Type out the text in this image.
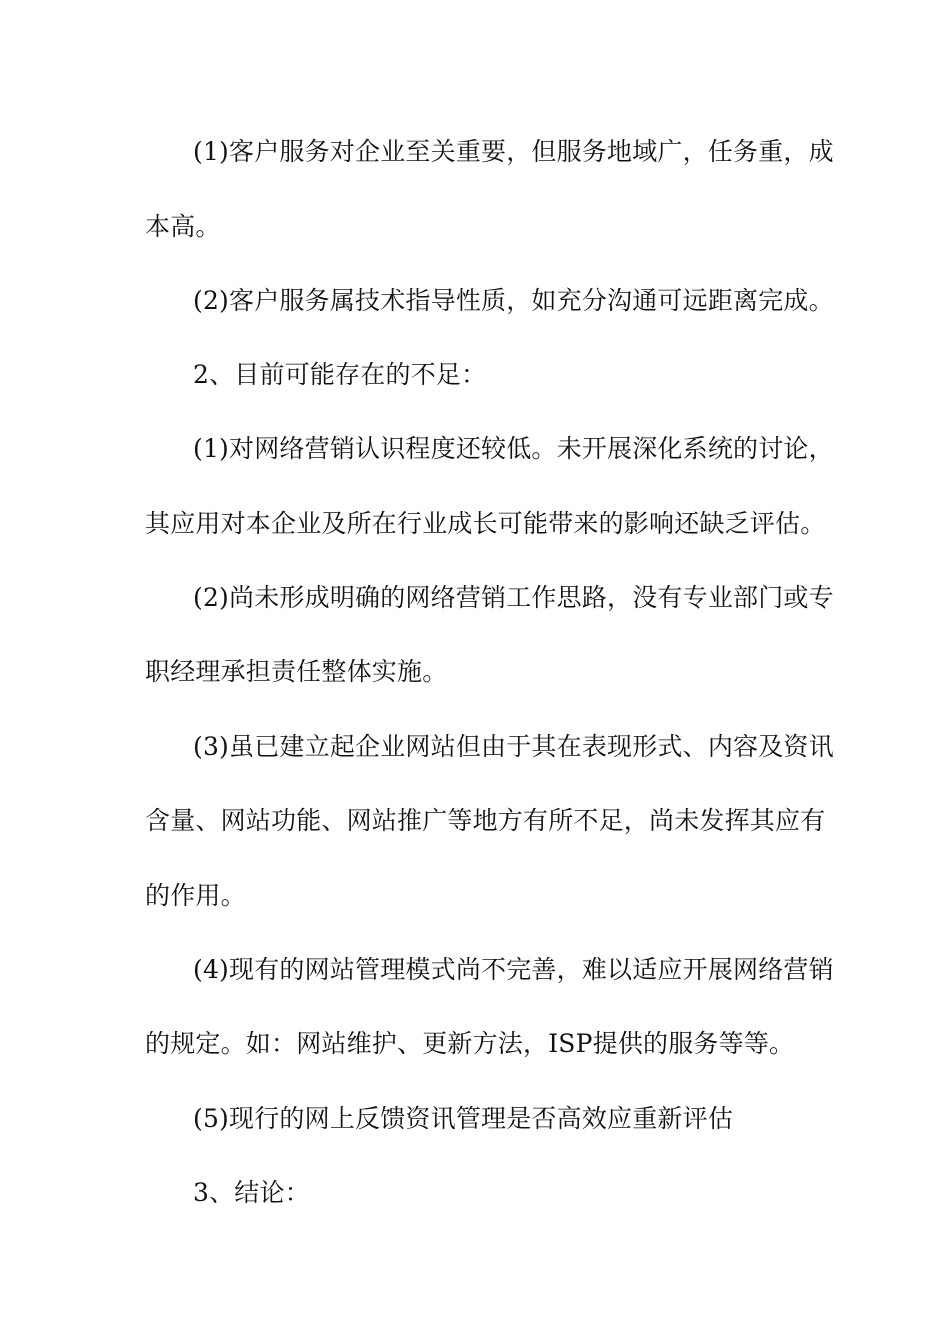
(1)客户服务对企业至关重要，但服务地域广，任务重，成
本高。
(2)客户服务属技术指导性质，如充分沟通可远距离完成。
2、目前可能存在的不足：
(1)对网络营销认识程度还较低。未开展深化系统的讨论，
其应用对本企业及所在行业成长可能带来的影响还缺乏评估。
(2)尚未形成明确的网络营销工作思路，没有专业部门或专
职经理承担责任整体实施。
(3)虽已建立起企业网站但由于其在表现形式、内容及资讯
含量、网站功能、网站推广等地方有所不足，尚未发挥其应有
的作用。
(4)现有的网站管理模式尚不完善，难以适应开展网络营销
的规定。如：网站维护、更新方法，ISP提供的服务等等。
(5)现行的网上反馈资讯管理是否高效应重新评估
3、结论：
